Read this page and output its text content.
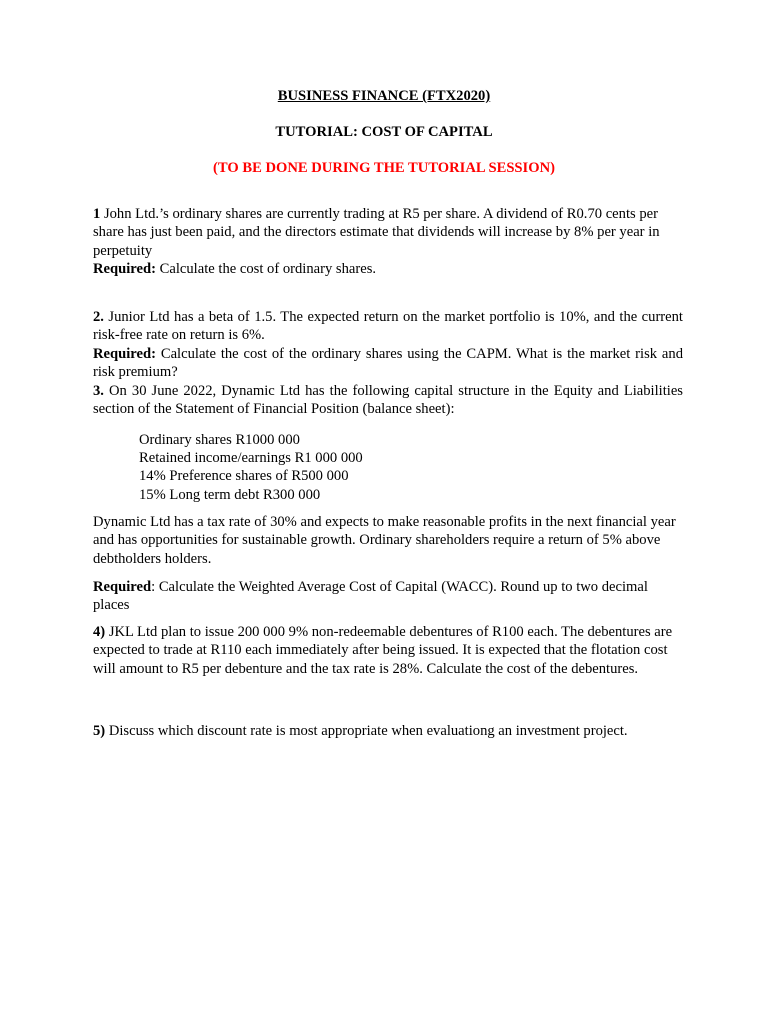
BUSINESS FINANCE (FTX2020)
TUTORIAL: COST OF CAPITAL
(TO BE DONE DURING THE TUTORIAL SESSION)

1 John Ltd.’s ordinary shares are currently trading at R5 per share. A dividend of R0.70 cents per share has just been paid, and the directors estimate that dividends will increase by 8% per year in perpetuity

Required: Calculate the cost of ordinary shares.

2. Junior Ltd has a beta of 1.5. The expected return on the market portfolio is 10%, and the current risk-free rate on return is 6%.

Required: Calculate the cost of the ordinary shares using the CAPM. What is the market risk and risk premium?

3. On 30 June 2022, Dynamic Ltd has the following capital structure in the Equity and Liabilities section of the Statement of Financial Position (balance sheet):

Ordinary shares R1000 000
Retained income/earnings R1 000 000
14% Preference shares of R500 000
15% Long term debt R300 000
Dynamic Ltd has a tax rate of 30% and expects to make reasonable profits in the next financial year and has opportunities for sustainable growth. Ordinary shareholders require a return of 5% above debtholders holders.
Required: Calculate the Weighted Average Cost of Capital (WACC). Round up to two decimal places
4) JKL Ltd plan to issue 200 000 9% non-redeemable debentures of R100 each. The debentures are expected to trade at R110 each immediately after being issued. It is expected that the flotation cost will amount to R5 per debenture and the tax rate is 28%. Calculate the cost of the debentures.
5) Discuss which discount rate is most appropriate when evaluationg an investment project.
